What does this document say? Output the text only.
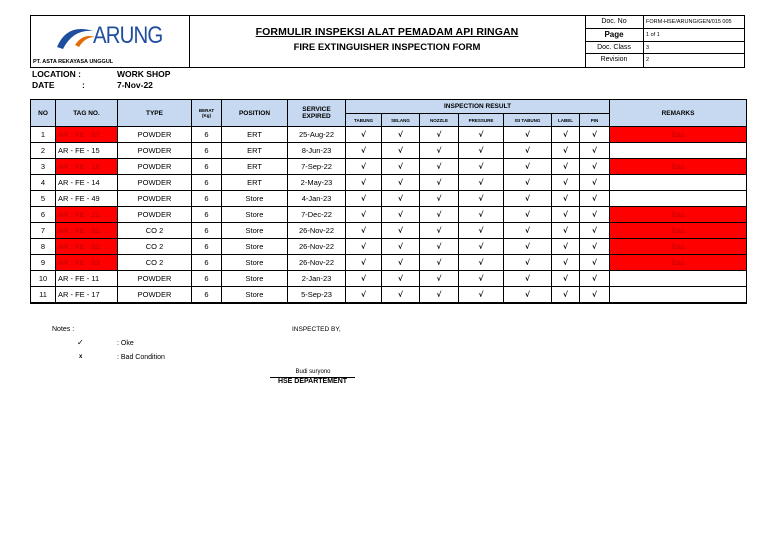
ARUNG
PT. ASTA REKAYASA UNGGUL
FORMULIR INSPEKSI ALAT PEMADAM API RINGAN
FIRE EXTINGUISHER INSPECTION FORM
Doc. No	FORM-HSE/ARUNG/GEN/015 005
Page	1 of 1
Doc. Class	3
Revision	2
LOCATION :	WORK SHOP
DATE	:	7-Nov-22
NO	TAG NO.	TYPE	BERAT
(Kg)	POSITION	SERVICE
EXPIRED	INSPECTION RESULT							REMARKS
						TABUNG	SELANG	NOZZLE	PRESSURE	ISI TABUNG	LABEL	PIN	
1	AR - FE - 07	POWDER	6	ERT	25-Aug-22	√	√	√	√	√	√	√	Exp
2	AR - FE - 15	POWDER	6	ERT	8-Jun-23	√	√	√	√	√	√	√	
3	AR - FE - 18	POWDER	6	ERT	7-Sep-22	√	√	√	√	√	√	√	Exp
4	AR - FE - 14	POWDER	6	ERT	2-May-23	√	√	√	√	√	√	√	
5	AR - FE - 49	POWDER	6	Store	4-Jan-23	√	√	√	√	√	√	√	
6	AR - FE - 21	POWDER	6	Store	7-Dec-22	√	√	√	√	√	√	√	Exp
7	AR - FE - 01	CO 2	6	Store	26-Nov-22	√	√	√	√	√	√	√	Exp
8	AR - FE - 02	CO 2	6	Store	26-Nov-22	√	√	√	√	√	√	√	Exp
9	AR - FE - 03	CO 2	6	Store	26-Nov-22	√	√	√	√	√	√	√	Exp
10	AR - FE - 11	POWDER	6	Store	2-Jan-23	√	√	√	√	√	√	√	
11	AR - FE - 17	POWDER	6	Store	5-Sep-23	√	√	√	√	√	√	√	
Notes :
✓	: Oke
x	: Bad Condition
INSPECTED BY,
Budi suryono
HSE DEPARTEMENT
